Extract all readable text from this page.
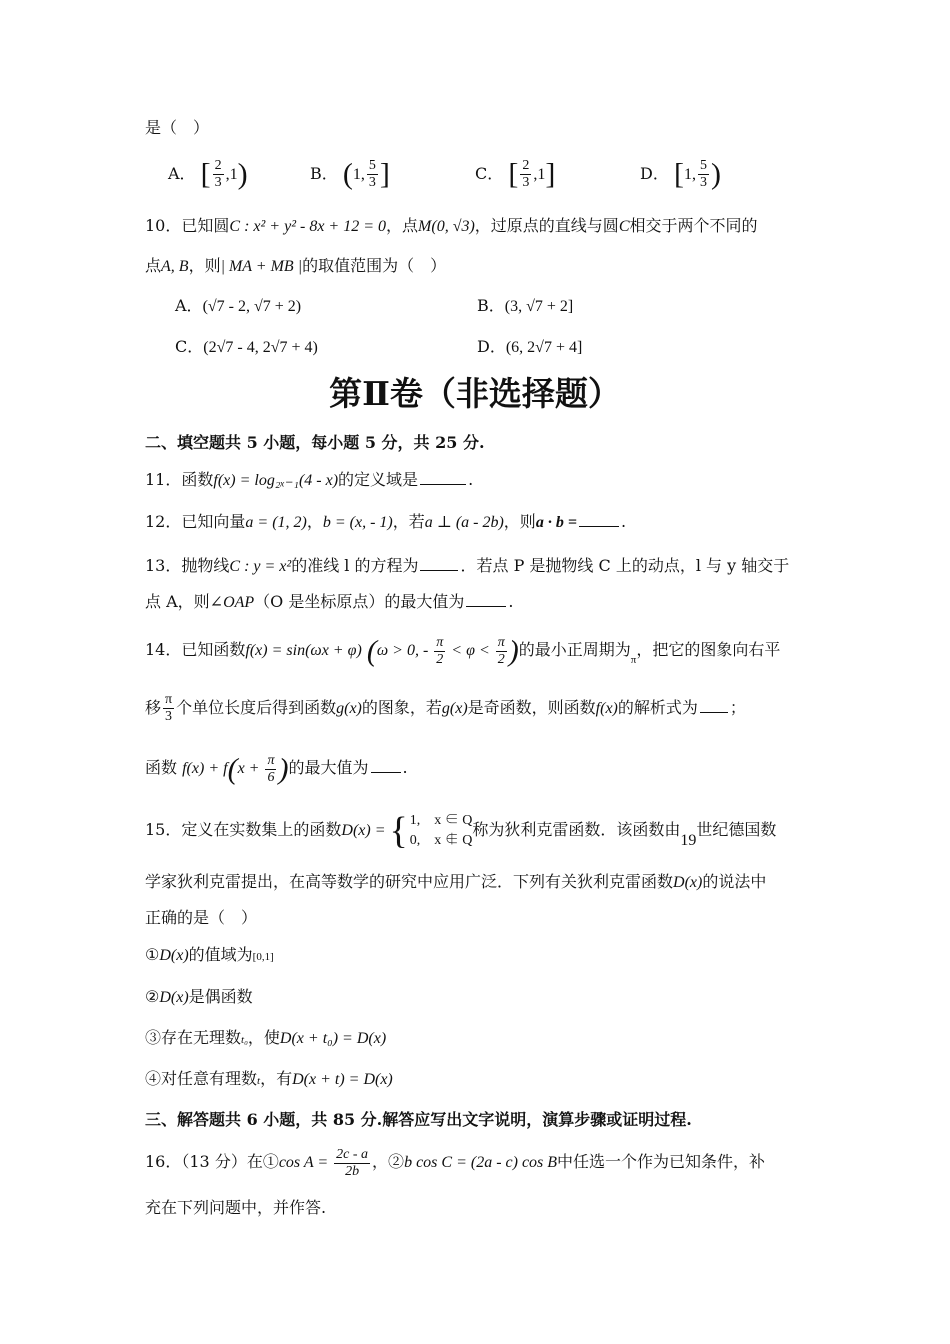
是（　）
A． [ $\frac{2}{3} ,1$)	B． (1, $\frac{5}{3}$ ]	C． [ $\frac{2}{3} ,1$]	D． [1, $\frac{5}{3}$ )
10．已知圆C : x² + y² - 8x + 12 = 0，点M(0, √3)，过原点的直线与圆C相交于两个不同的
点A, B，则| MA + MB |的取值范围为（　）
A．(√7 - 2, √7 + 2)	B．(3, √7 + 2]
C．(2√7 - 4, 2√7 + 4)	D．(6, 2√7 + 4]
第Ⅱ卷（非选择题）
二、填空题共 5 小题，每小题 5 分，共 25 分.
11．函数f(x) = log₂ₓ₋₁(4 - x)的定义域是	.
12．已知向量a = (1, 2)，b = (x, - 1)，若a ⊥ (a - 2b)，则a · b =	.
13．抛物线C : y = x²的准线 l 的方程为	．若点 P 是抛物线 C 上的动点，l 与 y 轴交于
点 A，则∠OAP（O 是坐标原点）的最大值为	.
14．已知函数f(x) = sin(ωx + φ) (ω > 0, - $\frac{\pi}{2} < \varphi < \frac{\pi}{2}$ )的最小正周期为$_\pi$，把它的图象向右平
移 $\frac{\pi}{3}$ 个单位长度后得到函数g(x)的图象，若g(x)是奇函数，则函数f(x)的解析式为 ；
函数 $f(x) + f(x + \frac{\pi}{6}$ )的最大值为 .
15．定义在实数集上的函数D(x) = { 1,　x ∈ Q
0,　x ∉ Q
称为狄利克雷函数．该函数由19世纪德国数
学家狄利克雷提出，在高等数学的研究中应用广泛．下列有关狄利克雷函数D(x)的说法中
正确的是（　）
①D(x)的值域为[0,1]
②D(x)是偶函数
③存在无理数t₀，使D(x + t₀) = D(x)
④对任意有理数t，有D(x + t) = D(x)
三、解答题共 6 小题，共 85 分.解答应写出文字说明，演算步骤或证明过程.
16．（13 分）在①cos $A = \frac{2c - a}{2b}$ ，②b cos C = (2a - c) cos B中任选一个作为已知条件，补
充在下列问题中，并作答.
